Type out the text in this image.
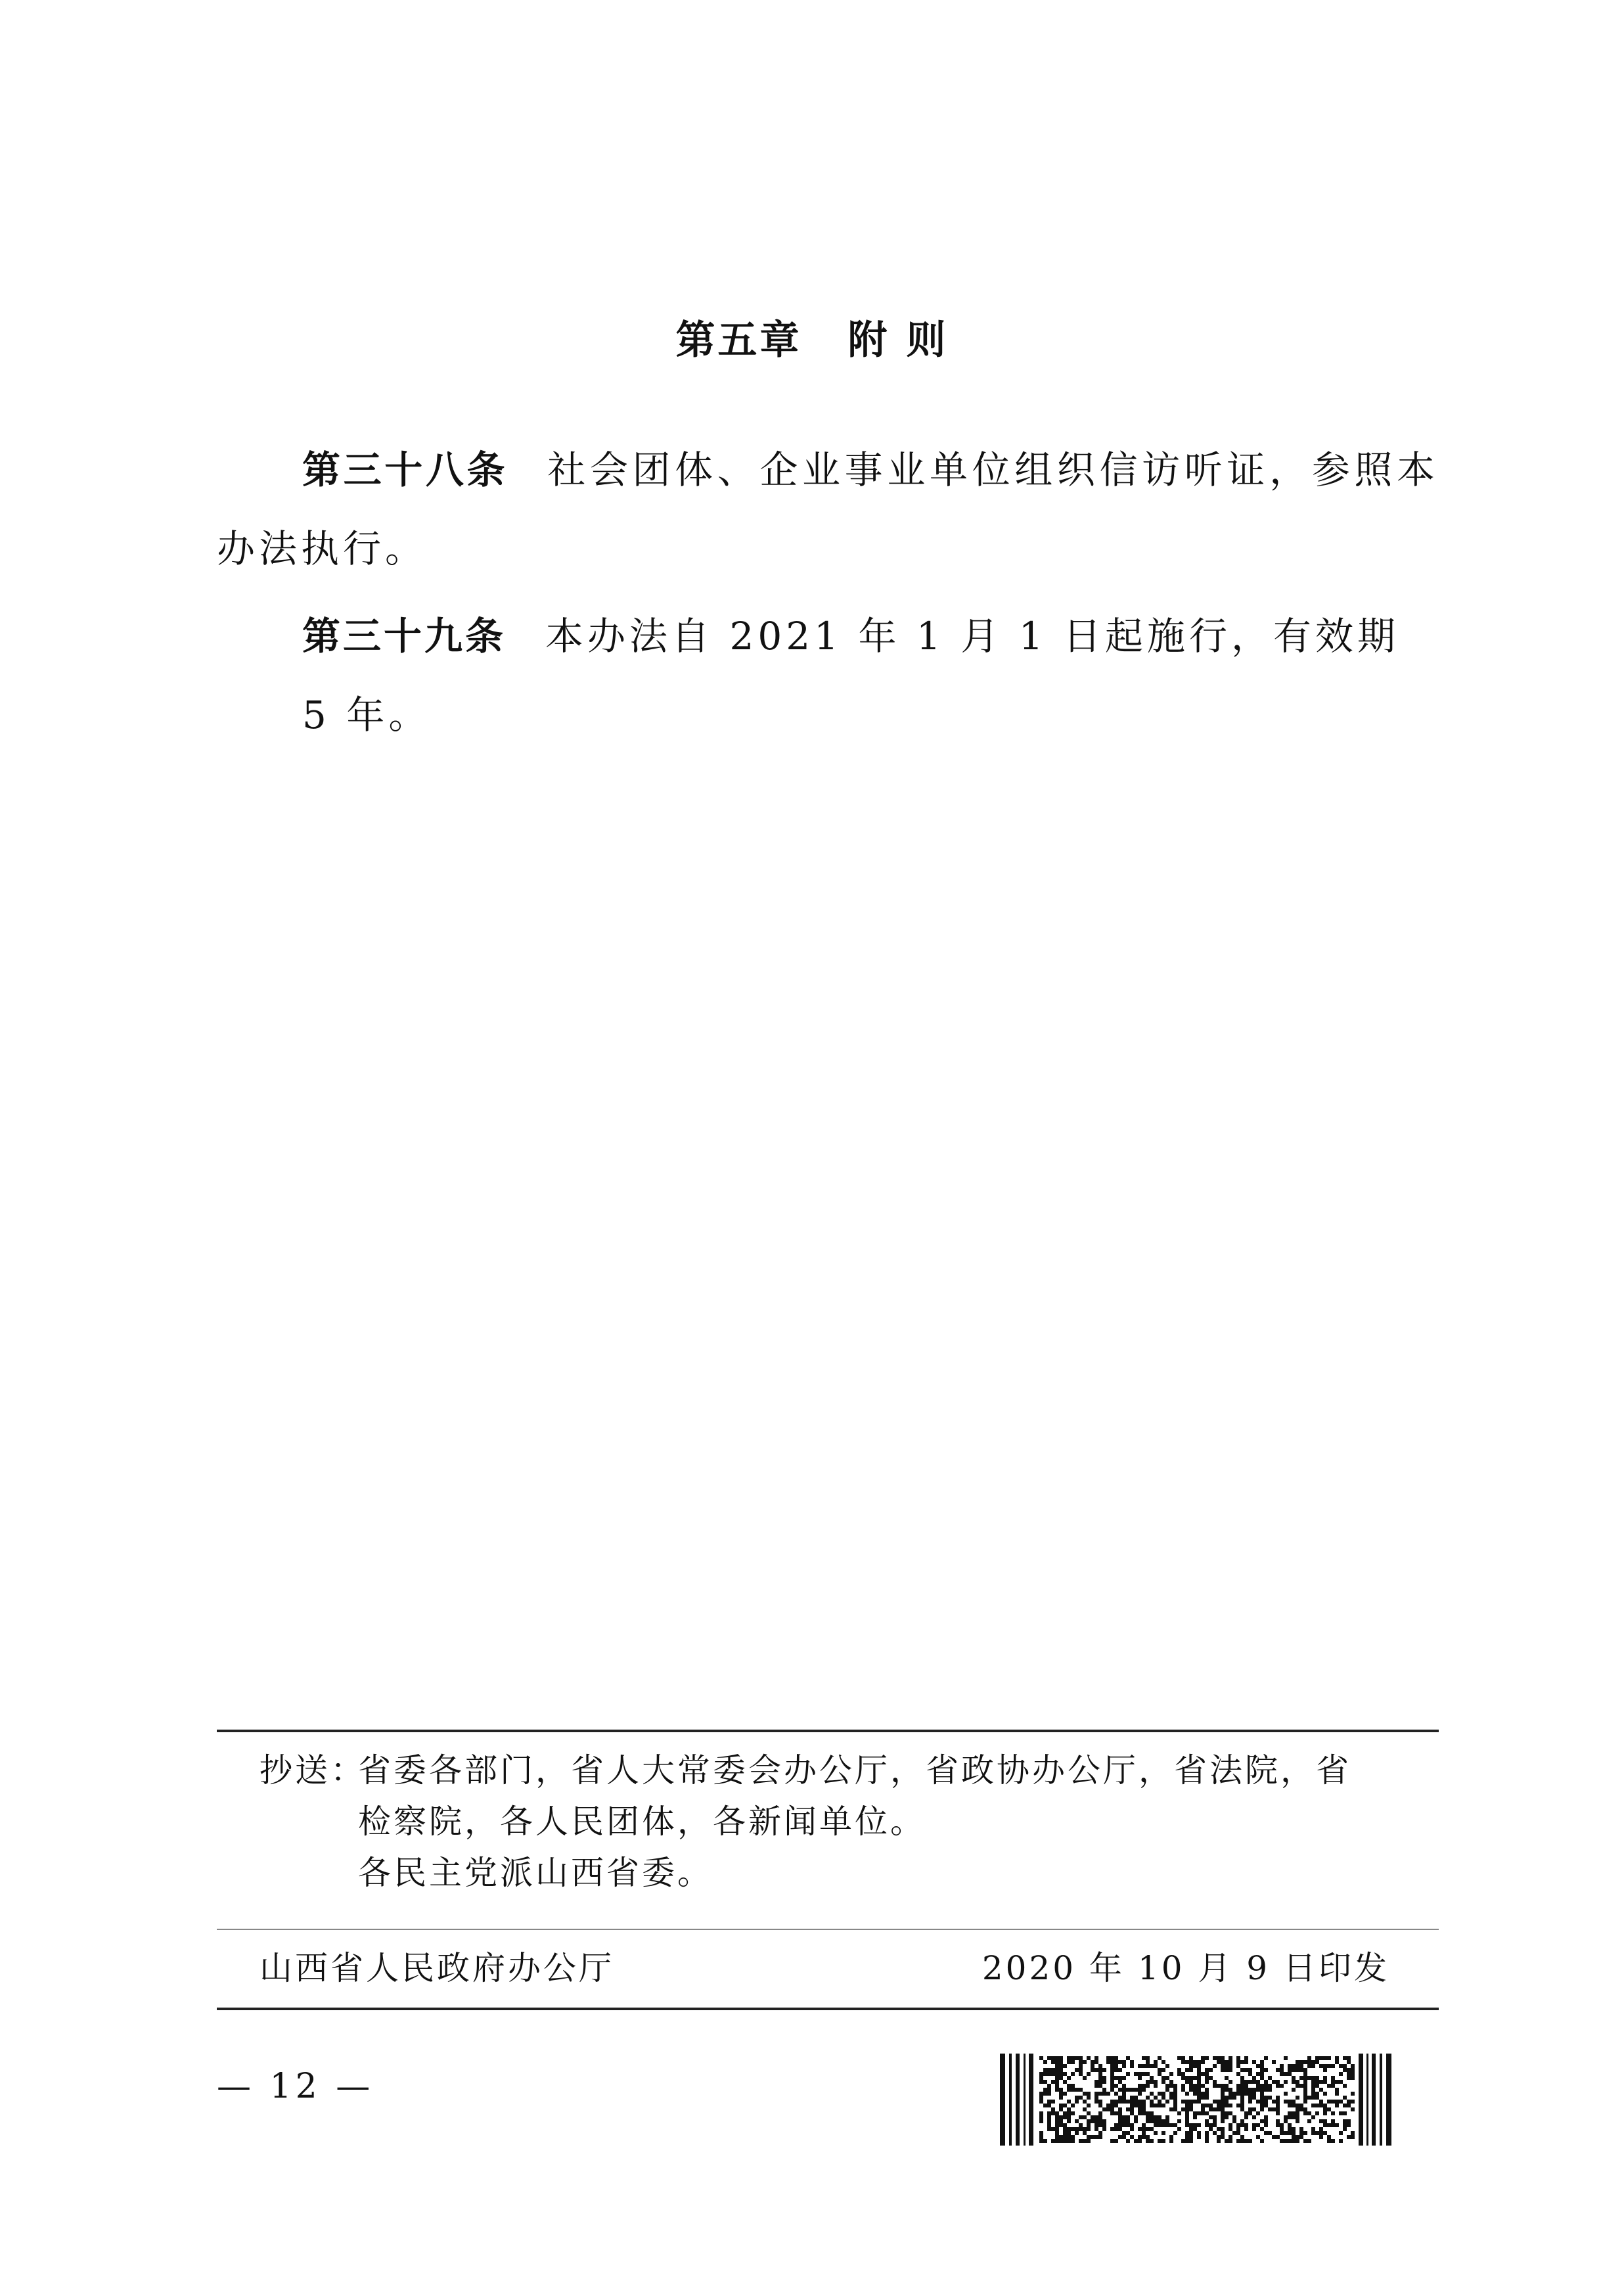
第五章 附 则
第三十八条 社会团体、企业事业单位组织信访听证，参照本
办法执行。
第三十九条 本办法自 2021 年 1 月 1 日起施行，有效期 5 年。
抄送：
省委各部门，省人大常委会办公厅，省政协办公厅，省法院，省
检察院，各人民团体，各新闻单位。
各民主党派山西省委。
山西省人民政府办公厅	2020 年 10 月 9 日印发
— 12 —
